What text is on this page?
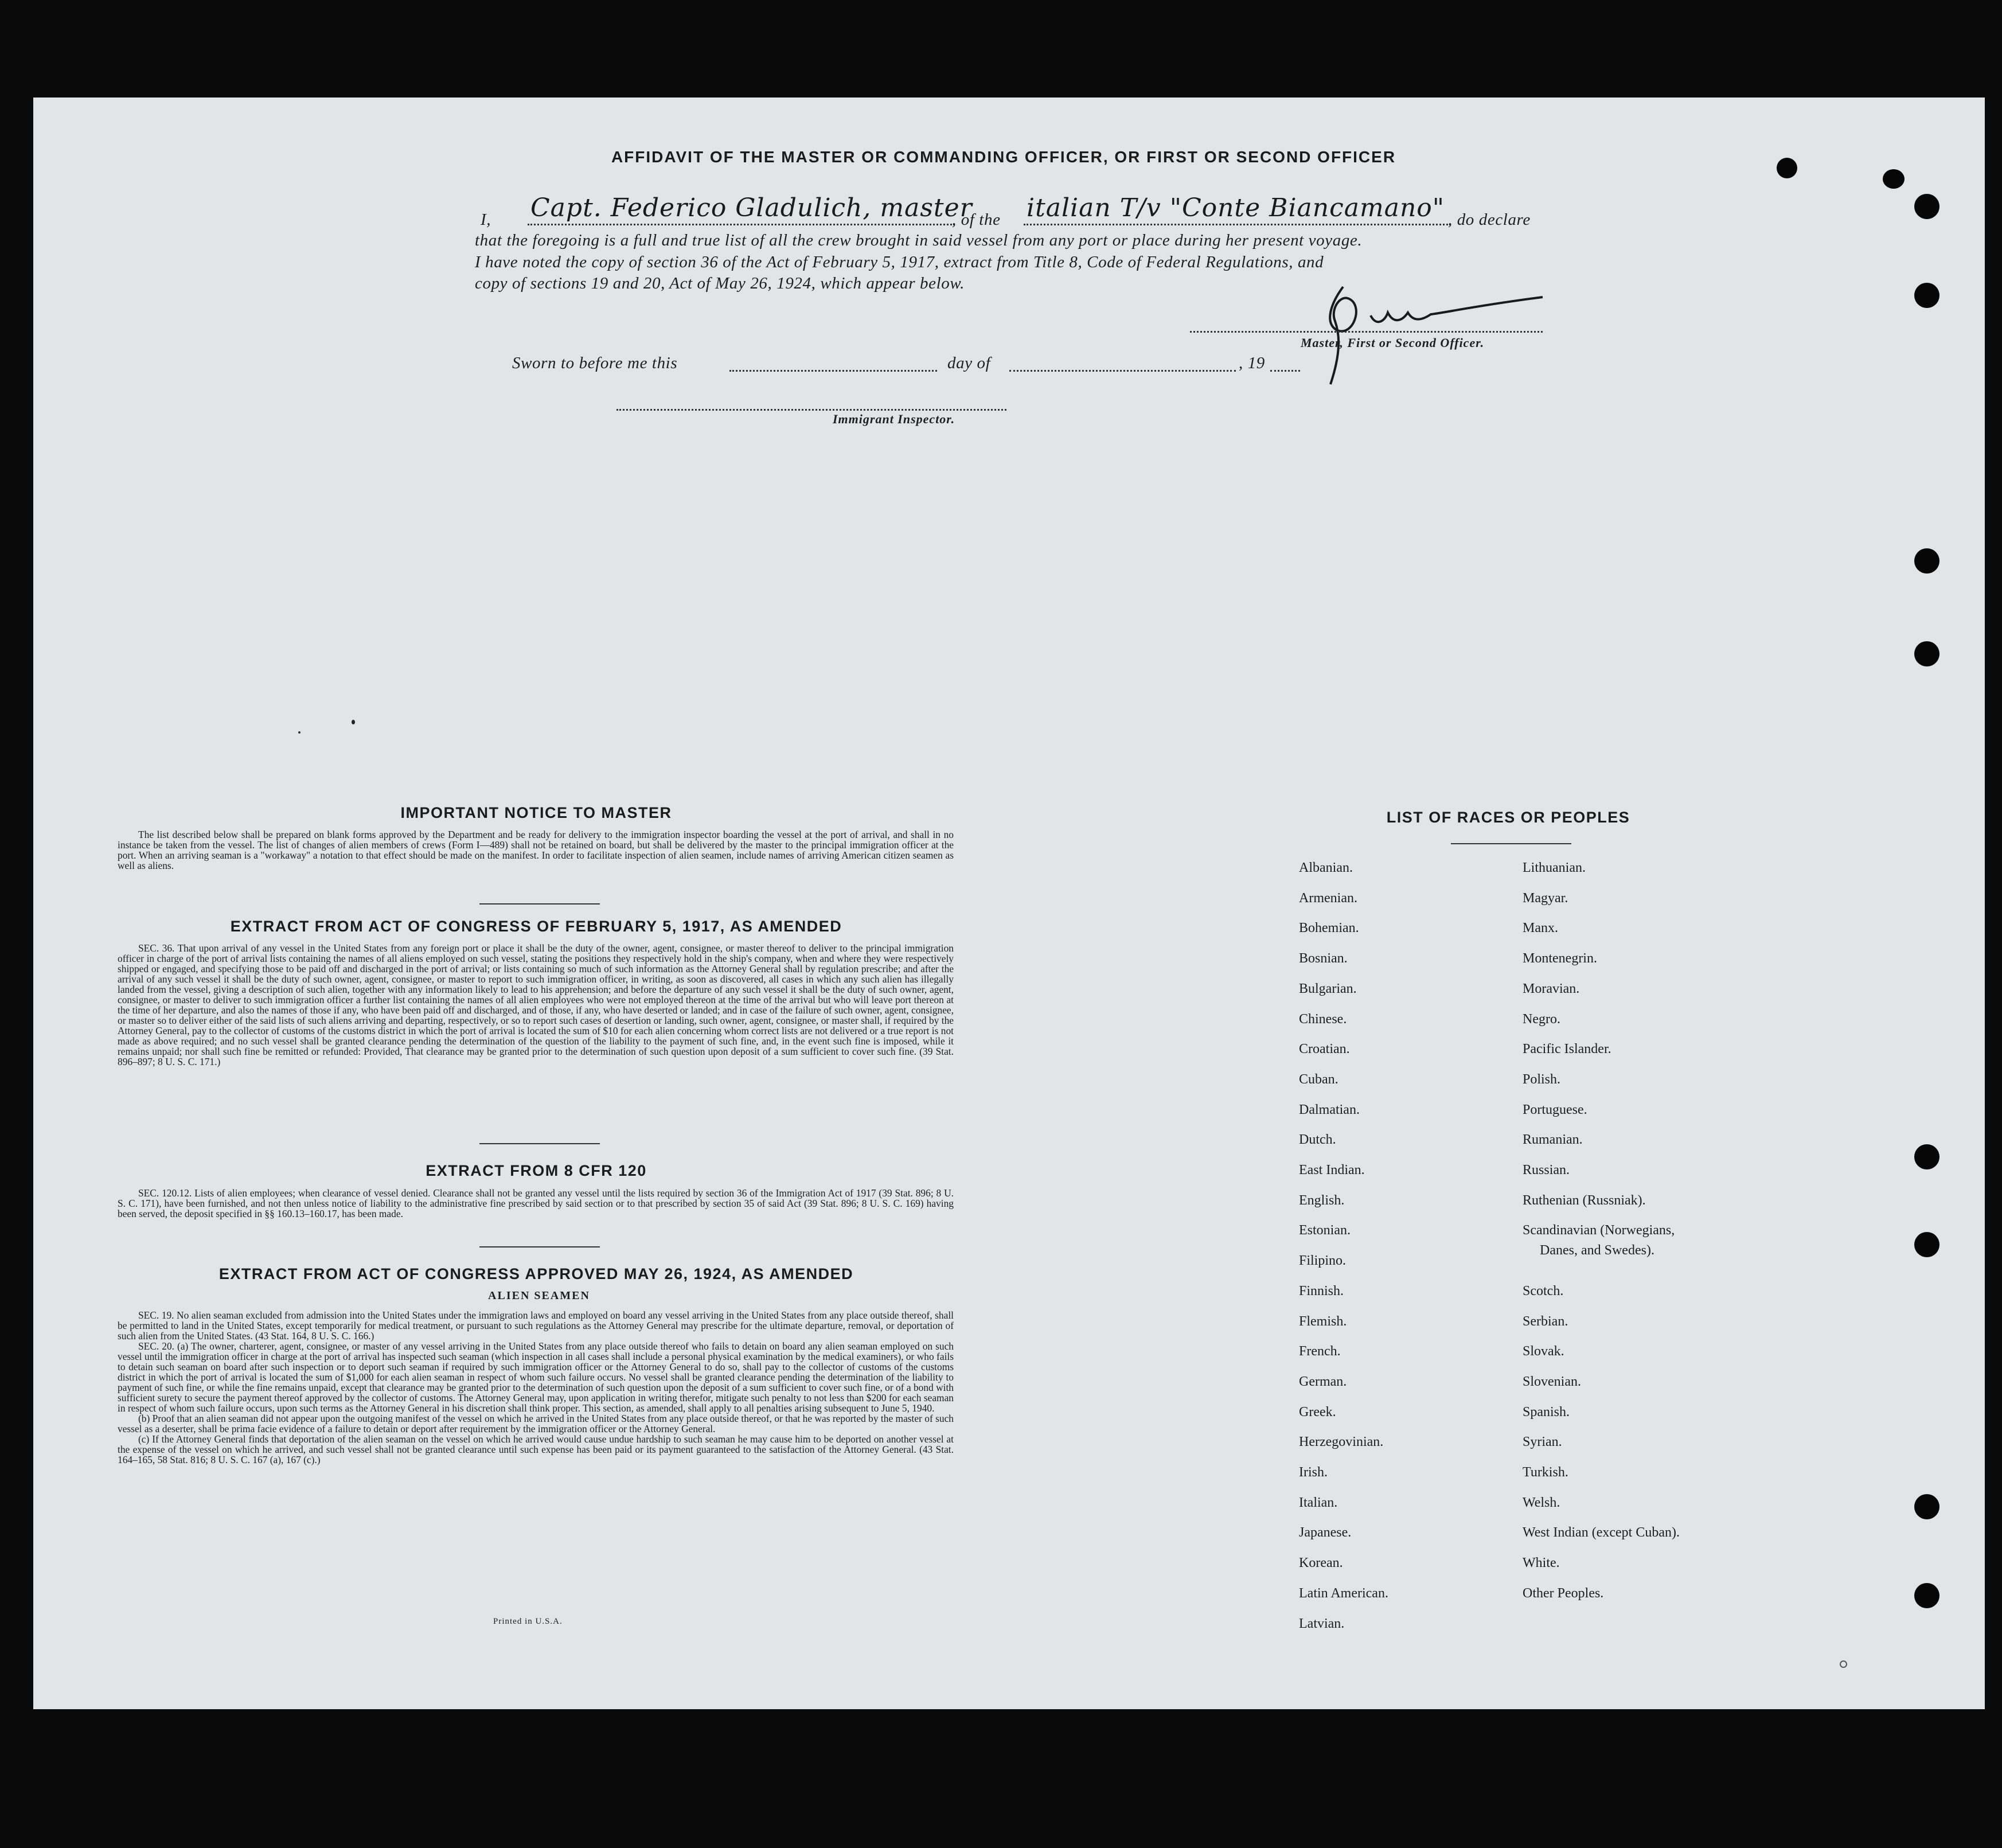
AFFIDAVIT OF THE MASTER OR COMMANDING OFFICER, OR FIRST OR SECOND OFFICER
I, Capt. Federico Gladulich, master
, of the italian T/v "Conte Biancamano" , do declare
that the foregoing is a full and true list of all the crew brought in said vessel from any port or place during her present voyage.
I have noted the copy of section 36 of the Act of February 5, 1917, extract from Title 8, Code of Federal Regulations, and
copy of sections 19 and 20, Act of May 26, 1924, which appear below.
Master, First or Second Officer.
Sworn to before me this	day of	, 19
Immigrant Inspector.
IMPORTANT NOTICE TO MASTER

The list described below shall be prepared on blank forms approved by the Department and be ready for delivery to the immigration inspector boarding the vessel at the port of arrival, and shall in no instance be taken from the vessel. The list of changes of alien members of crews (Form I—489) shall not be retained on board, but shall be delivered by the master to the principal immigration officer at the port. When an arriving seaman is a "workaway" a notation to that effect should be made on the manifest. In order to facilitate inspection of alien seamen, include names of arriving American citizen seamen as well as aliens.

EXTRACT FROM ACT OF CONGRESS OF FEBRUARY 5, 1917, AS AMENDED

SEC. 36. That upon arrival of any vessel in the United States from any foreign port or place it shall be the duty of the owner, agent, consignee, or master thereof to deliver to the principal immigration officer in charge of the port of arrival lists containing the names of all aliens employed on such vessel, stating the positions they respectively hold in the ship's company, when and where they were respectively shipped or engaged, and specifying those to be paid off and discharged in the port of arrival; or lists containing so much of such information as the Attorney General shall by regulation prescribe; and after the arrival of any such vessel it shall be the duty of such owner, agent, consignee, or master to report to such immigration officer, in writing, as soon as discovered, all cases in which any such alien has illegally landed from the vessel, giving a description of such alien, together with any information likely to lead to his apprehension; and before the departure of any such vessel it shall be the duty of such owner, agent, consignee, or master to deliver to such immigration officer a further list containing the names of all alien employees who were not employed thereon at the time of the arrival but who will leave port thereon at the time of her departure, and also the names of those if any, who have been paid off and discharged, and of those, if any, who have deserted or landed; and in case of the failure of such owner, agent, consignee, or master so to deliver either of the said lists of such aliens arriving and departing, respectively, or so to report such cases of desertion or landing, such owner, agent, consignee, or master shall, if required by the Attorney General, pay to the collector of customs of the customs district in which the port of arrival is located the sum of $10 for each alien concerning whom correct lists are not delivered or a true report is not made as above required; and no such vessel shall be granted clearance pending the determination of the question of the liability to the payment of such fine, and, in the event such fine is imposed, while it remains unpaid; nor shall such fine be remitted or refunded: Provided, That clearance may be granted prior to the determination of such question upon deposit of a sum sufficient to cover such fine. (39 Stat. 896–897; 8 U. S. C. 171.)

EXTRACT FROM 8 CFR 120

SEC. 120.12. Lists of alien employees; when clearance of vessel denied. Clearance shall not be granted any vessel until the lists required by section 36 of the Immigration Act of 1917 (39 Stat. 896; 8 U. S. C. 171), have been furnished, and not then unless notice of liability to the administrative fine prescribed by said section or to that prescribed by section 35 of said Act (39 Stat. 896; 8 U. S. C. 169) having been served, the deposit specified in §§ 160.13–160.17, has been made.

EXTRACT FROM ACT OF CONGRESS APPROVED MAY 26, 1924, AS AMENDED
ALIEN SEAMEN

SEC. 19. No alien seaman excluded from admission into the United States under the immigration laws and employed on board any vessel arriving in the United States from any place outside thereof, shall be permitted to land in the United States, except temporarily for medical treatment, or pursuant to such regulations as the Attorney General may prescribe for the ultimate departure, removal, or deportation of such alien from the United States. (43 Stat. 164, 8 U. S. C. 166.)

SEC. 20. (a) The owner, charterer, agent, consignee, or master of any vessel arriving in the United States from any place outside thereof who fails to detain on board any alien seaman employed on such vessel until the immigration officer in charge at the port of arrival has inspected such seaman (which inspection in all cases shall include a personal physical examination by the medical examiners), or who fails to detain such seaman on board after such inspection or to deport such seaman if required by such immigration officer or the Attorney General to do so, shall pay to the collector of customs of the customs district in which the port of arrival is located the sum of $1,000 for each alien seaman in respect of whom such failure occurs. No vessel shall be granted clearance pending the determination of the liability to payment of such fine, or while the fine remains unpaid, except that clearance may be granted prior to the determination of such question upon the deposit of a sum sufficient to cover such fine, or of a bond with sufficient surety to secure the payment thereof approved by the collector of customs. The Attorney General may, upon application in writing therefor, mitigate such penalty to not less than $200 for each seaman in respect of whom such failure occurs, upon such terms as the Attorney General in his discretion shall think proper. This section, as amended, shall apply to all penalties arising subsequent to June 5, 1940.

(b) Proof that an alien seaman did not appear upon the outgoing manifest of the vessel on which he arrived in the United States from any place outside thereof, or that he was reported by the master of such vessel as a deserter, shall be prima facie evidence of a failure to detain or deport after requirement by the immigration officer or the Attorney General.

(c) If the Attorney General finds that deportation of the alien seaman on the vessel on which he arrived would cause undue hardship to such seaman he may cause him to be deported on another vessel at the expense of the vessel on which he arrived, and such vessel shall not be granted clearance until such expense has been paid or its payment guaranteed to the satisfaction of the Attorney General. (43 Stat. 164–165, 58 Stat. 816; 8 U. S. C. 167 (a), 167 (c).)

Printed in U.S.A.
LIST OF RACES OR PEOPLES
Albanian.
Armenian.
Bohemian.
Bosnian.
Bulgarian.
Chinese.
Croatian.
Cuban.
Dalmatian.
Dutch.
East Indian.
English.
Estonian.
Filipino.
Finnish.
Flemish.
French.
German.
Greek.
Herzegovinian.
Irish.
Italian.
Japanese.
Korean.
Latin American.
Latvian.
Lithuanian.
Magyar.
Manx.
Montenegrin.
Moravian.
Negro.
Pacific Islander.
Polish.
Portuguese.
Rumanian.
Russian.
Ruthenian (Russniak).
Scandinavian (Norwegians,
Scotch.
Serbian.
Slovak.
Slovenian.
Spanish.
Syrian.
Turkish.
Welsh.
West Indian (except Cuban).
White.
Other Peoples.
Danes, and Swedes).
